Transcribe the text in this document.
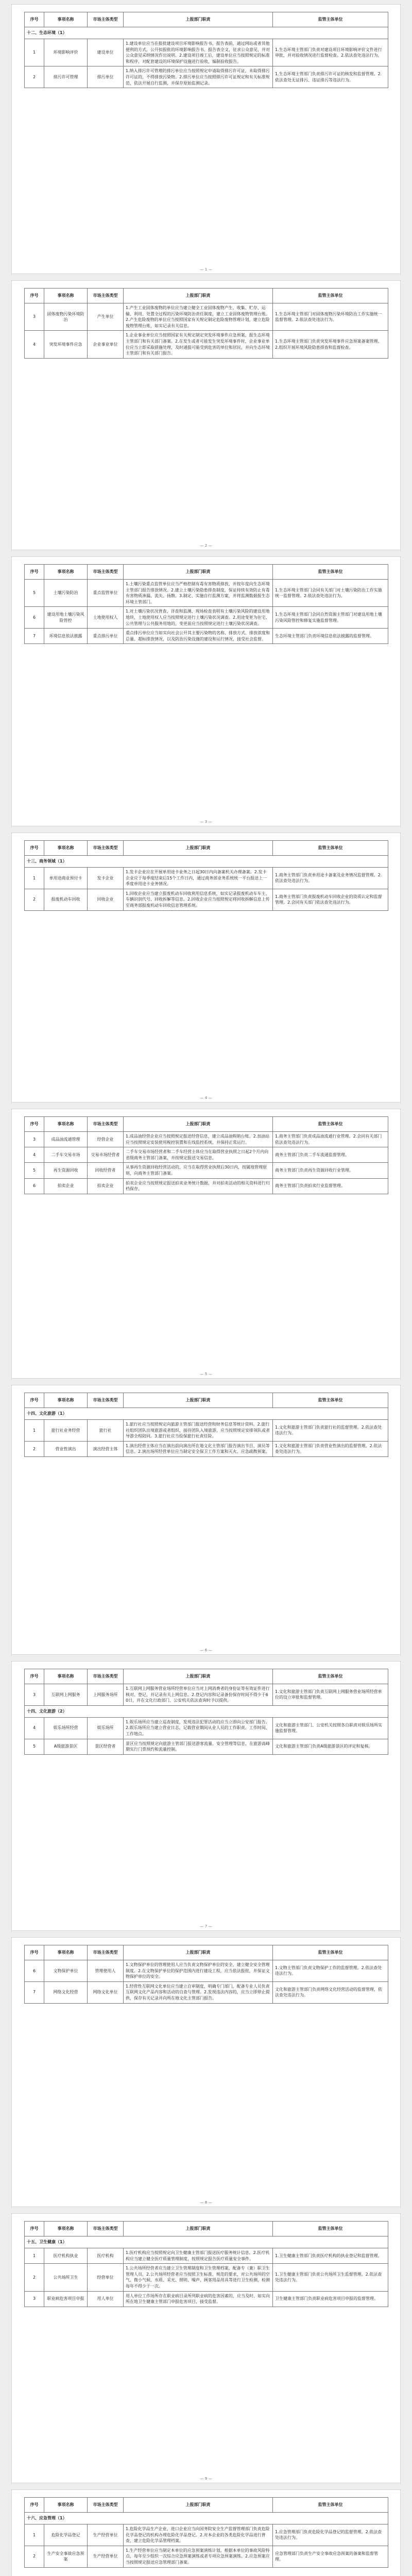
序号	事项名称	市场主体类型	上报部门职责	监管主体单位
十二、生态环境（1）				
1	环境影响评价	建设单位	1.建设单位应当在报批建设项目环境影响报告书、报告表前，通过网站或者其他便利的方式，公开拟报批的环境影响报告书、报告表全文，征求公众意见，并对公众意见采纳情况作出说明。2.建设项目竣工后，建设单位应当按照规定的标准和程序，对配套建设的环境保护设施进行验收，编制验收报告。	1.生态环境主管部门负责对建设项目环境影响评价文件进行审批，并对验收情况进行监督检查。2.依法查处违法行为。
2	排污许可管理	排污单位	1.纳入排污许可管理的排污单位应当按照规定申请取得排污许可证，未取得排污许可证的，不得排放污染物。2.排污单位应当按照排污许可证规定和有关标准规范，依法开展自行监测，并保存原始监测记录。	1.生态环境主管部门负责排污许可证的核发和监督管理。2.依法查处无证排污、违证排污等违法行为。
— 1 —
序号	事项名称	市场主体类型	上报部门职责	监管主体单位
3	固体废物污染环境防治	产生单位	1.产生工业固体废物的单位应当建立健全工业固体废物产生、收集、贮存、运输、利用、处置全过程的污染环境防治责任制度，建立工业固体废物管理台账。2.产生危险废物的单位应当按照国家有关规定制定危险废物管理计划，建立危险废物管理台账，如实记录有关信息。	1.生态环境主管部门对固体废物污染环境防治工作实施统一监督管理。2.依法查处违法行为。
4	突发环境事件应急	企业事业单位	1.企业事业单位应当按照国家有关规定制定突发环境事件应急预案，报生态环境主管部门和有关部门备案。2.在发生或者可能发生突发环境事件时，企业事业单位应当立即采取措施处理，及时通报可能受到危害的单位和居民，并向生态环境主管部门和有关部门报告。	1.生态环境主管部门负责突发环境事件应急预案备案管理。2.组织开展环境风险隐患排查和监督检查。
— 2 —
序号	事项名称	市场主体类型	上报部门职责	监管主体单位
5	土壤污染防治	重点监管单位	1.土壤污染重点监管单位应当严格控制有毒有害物质排放，并按年度向生态环境主管部门报告排放情况。2.建立土壤污染隐患排查制度，保证持续有效防止有毒有害物质渗漏、流失、扬散。3.制定、实施自行监测方案，并将监测数据报生态环境主管部门。	1.生态环境主管部门会同有关部门对土壤污染防治工作实施统一监督管理。2.依法查处违法行为。
6	建设用地土壤污染风险管控	土地使用权人	1.对土壤污染状况普查、详查和监测、现场检查表明有土壤污染风险的建设用地地块，土地使用权人应当按照规定进行土壤污染状况调查。2.用途变更为住宅、公共管理与公共服务用地的，变更前应当按照规定进行土壤污染状况调查。	1.生态环境主管部门会同自然资源主管部门对建设用地土壤污染风险管控和修复实施监督管理。
7	环境信息依法披露	重点排污单位	重点排污单位应当如实向社会公开其主要污染物的名称、排放方式、排放浓度和总量、超标排放情况，以及防治污染设施的建设和运行情况，接受社会监督。	生态环境主管部门负责环境信息依法披露的监督管理。
— 3 —
序号	事项名称	市场主体类型	上报部门职责	监管主体单位
十三、商务领域（1）				
1	单用途商业预付卡	发卡企业	1.发卡企业应在开展单用途卡业务之日起30日内向备案机关办理备案。2.发卡企业应于每季度结束后15个工作日内，通过商务部业务系统统一平台报送上一季度单用途卡业务情况。	1.商务主管部门负责单用途卡备案及业务情况监督管理。2.依法查处违法行为。
2	报废机动车回收	回收企业	1.回收企业应当建立报废机动车回收利用信息系统，如实记录报废机动车车主、车辆识别代号、回收拆解等信息。2.回收企业应当按照规定将回收拆解信息上传至商务部报废机动车回收信息管理系统。	1.商务主管部门负责报废机动车回收企业的资质认定和监督管理。2.会同有关部门依法查处违法行为。
— 4 —
序号	事项名称	市场主体类型	上报部门职责	监管主体单位
3	成品油流通管理	经营企业	1.成品油经营企业应当按照规定报送经营信息，建立成品油购销台账。2.加油站应当按照规定安装使用税控装置和在线监控系统，并保持正常运行。	1.商务主管部门负责成品油流通行业管理。2.会同有关部门依法查处违法行为。
4	二手车交易市场	交易市场经营者	二手车交易市场经营者和二手车经营主体应当在取得营业执照之日起2个月内向省级商务主管部门备案，并按规定报送交易信息。	商务主管部门负责二手车流通监督管理。
5	再生资源回收	回收经营者	从事再生资源回收经营活动的，应当在取得营业执照后30日内，按属地管理原则，向商务主管部门备案。	商务主管部门负责再生资源回收行业管理。
6	拍卖企业	拍卖企业	拍卖企业应当按照规定报送拍卖业务统计数据，并对拍卖活动的相关资料进行归档保存。	商务主管部门负责拍卖行业监督管理。
— 5 —
序号	事项名称	市场主体类型	上报部门职责	监管主体单位
十四、文化旅游（1）				
1	旅行社业务经营	旅行社	1.旅行社应当按照规定向旅游主管部门报送经营和财务信息等统计资料。2.旅行社组织团队出境旅游或者组织、接待团队入境旅游，应当按照规定安排领队或者导游全程陪同。3.旅行社应当投保旅行社责任险。	1.文化和旅游主管部门负责旅行社的监督管理。2.依法查处违法行为。
2	营业性演出	演出经营主体	1.演出经营主体应当在演出前向演出所在地文化主管部门报告演出节目、演员等信息。2.演出场所经营单位应当制定安全保卫工作方案和灭火、应急疏散预案。	1.文化和旅游主管部门负责营业性演出的监督管理。2.依法查处违法行为。
— 6 —
序号	事项名称	市场主体类型	上报部门职责	监管主体单位
3	互联网上网服务	上网服务场所	1.互联网上网服务营业场所经营单位应当对上网消费者的身份证等有效证件进行核对、登记，并记录有关上网信息。2.登记内容和记录备份保存时间不得少于60日，并在文化行政部门、公安机关依法查询时予以提供。	1.文化和旅游主管部门负责互联网上网服务营业场所经营单位的设立审批和监督管理。
十四、文化旅游（2）				
4	娱乐场所经营	娱乐场所	1.娱乐场所应当建立巡查制度，发现违法犯罪活动的应当立即向公安部门报告。2.娱乐场所应当建立营业日志，记载营业期间从业人员的工作职责、工作时间、工作地点。	文化和旅游主管部门、公安机关按照各自职责对娱乐场所实施监督管理。
5	A级旅游景区	景区经营者	景区应当按照规定向旅游主管部门报送游客流量、安全管理等信息，在旅游高峰期实行门票预约和流量控制。	文化和旅游主管部门负责A级旅游景区的评定和复核。
— 7 —
序号	事项名称	市场主体类型	上报部门职责	监管主体单位
6	文物保护单位	管理使用人	1.文物保护单位的管理使用人应当负责文物保护单位的安全，建立健全安全管理制度。2.在文物保护单位的保护范围内进行建设工程，应当依法报批，并保证文物保护单位的安全。	1.文物主管部门负责文物保护工作的监督管理。2.依法查处违法行为。
7	网络文化经营	网络文化单位	1.经营性互联网文化单位应当建立自审制度，明确专门部门，配备专业人员负责互联网文化产品内容和活动的自查与管理。2.发现违法内容的，应当立即停止提供，保存有关记录并向所在地文化主管部门报告。	文化和旅游主管部门负责网络文化经营活动的监督管理，依法查处违法行为。
— 8 —
序号	事项名称	市场主体类型	上报部门职责	监管主体单位
十五、卫生健康（1）				
1	医疗机构执业	医疗机构	1.医疗机构应当按照规定向卫生健康主管部门报送医疗服务统计信息。2.医疗机构应当建立健全医疗质量管理制度，按照规定报告医疗质量安全事件。	1.卫生健康主管部门负责医疗机构的执业登记和监督管理。
2	公共场所卫生	经营单位	1.公共场所经营者应当建立卫生管理制度和卫生管理档案，配备专（兼）职卫生管理人员。2.公共场所经营者应当按照卫生标准、规范的要求，对公共场所的空气、微小气候、水质、采光、照明、噪声、顾客用品用具等进行卫生检测，检测每年不得少于一次。	1.卫生健康主管部门负责公共场所卫生监督管理。2.依法查处违法行为。
3	职业病危害项目申报	用人单位	用人单位工作场所存在职业病目录所列职业病的危害因素的，应当及时、如实向所在地卫生健康主管部门申报危害项目，接受监督。	卫生健康主管部门负责职业病危害项目申报的监督管理。
— 9 —
序号	事项名称	市场主体类型	上报部门职责	监管主体单位
十六、应急管理（1）				
1	危险化学品登记	生产经营单位	1.危险化学品生产企业、进口企业应当向国务院安全生产监督管理部门负责危险化学品登记的机构办理危险化学品登记。2.对本企业的各类危险化学品进行普查，建立危险化学品管理档案。	1.应急管理部门负责危险化学品登记的监督管理。2.依法查处违法行为。
2	生产安全事故应急预案	生产经营单位	1.生产经营单位应当制定本单位的应急预案演练计划，根据本单位的事故风险特点，每年至少组织一次综合应急预案演练或者专项应急预案演练。2.应急预案应当按照规定报送应急管理部门备案。	应急管理部门负责生产安全事故应急预案的备案和监督管理。
